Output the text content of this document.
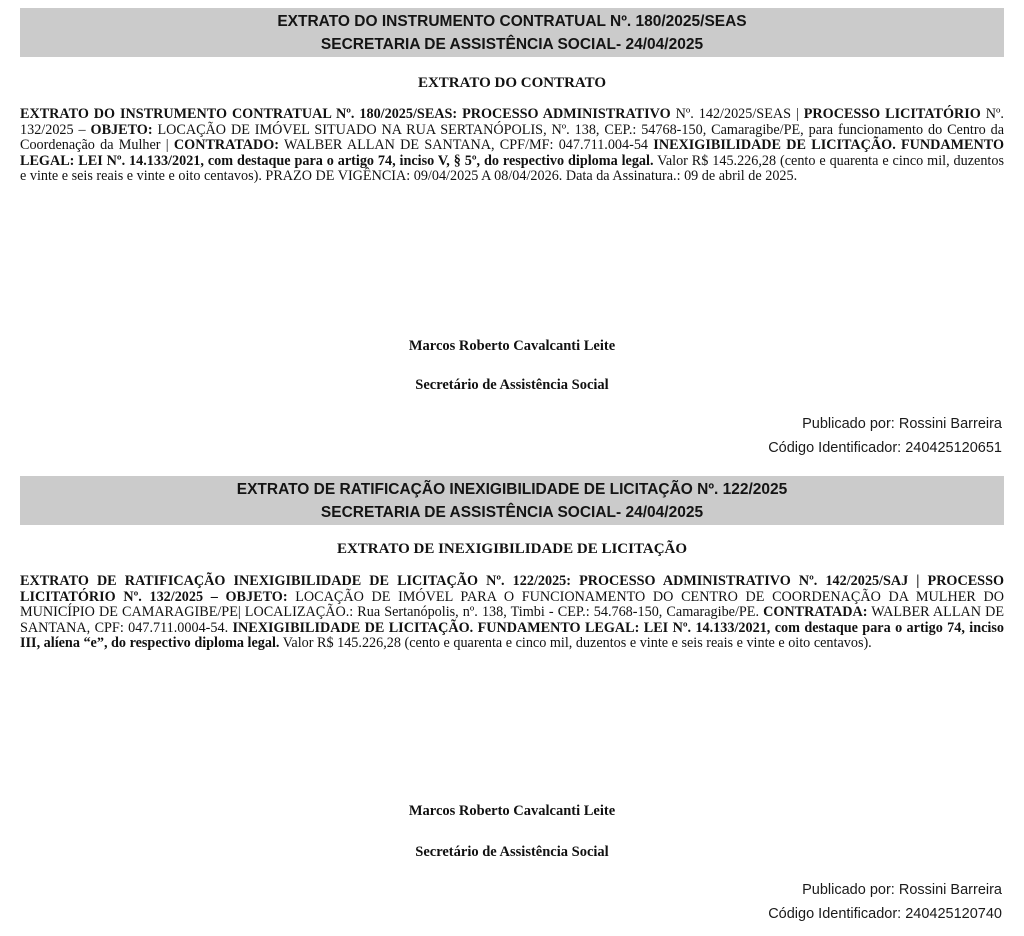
EXTRATO DO INSTRUMENTO CONTRATUAL Nº. 180/2025/SEAS
SECRETARIA DE ASSISTÊNCIA SOCIAL- 24/04/2025
EXTRATO DO CONTRATO

EXTRATO DO INSTRUMENTO CONTRATUAL Nº. 180/2025/SEAS: PROCESSO ADMINISTRATIVO Nº. 142/2025/SEAS | PROCESSO LICITATÓRIO Nº. 132/2025 – OBJETO: LOCAÇÃO DE IMÓVEL SITUADO NA RUA SERTANÓPOLIS, Nº. 138, CEP.: 54768-150, Camaragibe/PE, para funcionamento do Centro da Coordenação da Mulher | CONTRATADO: WALBER ALLAN DE SANTANA, CPF/MF: 047.711.004-54 INEXIGIBILIDADE DE LICITAÇÃO. FUNDAMENTO LEGAL: LEI Nº. 14.133/2021, com destaque para o artigo 74, inciso V, § 5º, do respectivo diploma legal. Valor R$ 145.226,28 (cento e quarenta e cinco mil, duzentos e vinte e seis reais e vinte e oito centavos). PRAZO DE VIGÊNCIA: 09/04/2025 A 08/04/2026. Data da Assinatura.: 09 de abril de 2025.

Marcos Roberto Cavalcanti Leite
Secretário de Assistência Social
Publicado por: Rossini Barreira
Código Identificador: 240425120651
EXTRATO DE RATIFICAÇÃO INEXIGIBILIDADE DE LICITAÇÃO Nº. 122/2025
SECRETARIA DE ASSISTÊNCIA SOCIAL- 24/04/2025
EXTRATO DE INEXIGIBILIDADE DE LICITAÇÃO

EXTRATO DE RATIFICAÇÃO INEXIGIBILIDADE DE LICITAÇÃO Nº. 122/2025: PROCESSO ADMINISTRATIVO Nº. 142/2025/SAJ | PROCESSO LICITATÓRIO Nº. 132/2025 – OBJETO: LOCAÇÃO DE IMÓVEL PARA O FUNCIONAMENTO DO CENTRO DE COORDENAÇÃO DA MULHER DO MUNICÍPIO DE CAMARAGIBE/PE| LOCALIZAÇÃO.: Rua Sertanópolis, nº. 138, Timbi - CEP.: 54.768-150, Camaragibe/PE. CONTRATADA: WALBER ALLAN DE SANTANA, CPF: 047.711.0004-54. INEXIGIBILIDADE DE LICITAÇÃO. FUNDAMENTO LEGAL: LEI Nº. 14.133/2021, com destaque para o artigo 74, inciso III, alíena “e”, do respectivo diploma legal. Valor R$ 145.226,28 (cento e quarenta e cinco mil, duzentos e vinte e seis reais e vinte e oito centavos).

Marcos Roberto Cavalcanti Leite
Secretário de Assistência Social
Publicado por: Rossini Barreira
Código Identificador: 240425120740
